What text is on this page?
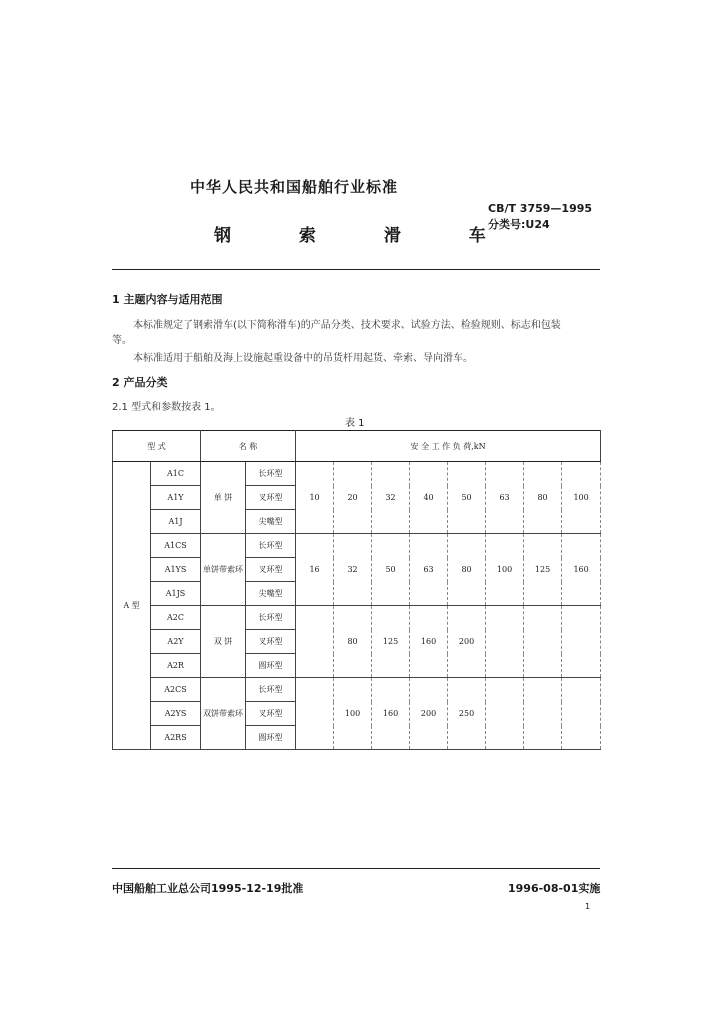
中华人民共和国船舶行业标准
CB/T 3759—1995
分类号:U24
钢 索 滑 车
1 主题内容与适用范围
本标准规定了钢索滑车(以下简称滑车)的产品分类、技术要求、试验方法、检验规则、标志和包装
等。
本标准适用于船舶及海上设施起重设备中的吊货杆用起货、牵索、导向滑车。
2 产品分类
2.1 型式和参数按表 1。
表 1
型 式		名 称		安 全 工 作 负 荷,kN							
A 型	A1C	单 饼	长环型	10	20	32	40	50	63	80	100
	A1Y		叉环型								
	A1J		尖嘴型								
	A1CS	单饼带索环	长环型	16	32	50	63	80	100	125	160
	A1YS		叉环型								
	A1JS		尖嘴型								
	A2C	双 饼	长环型		80	125	160	200			
	A2Y		叉环型								
	A2R		圆环型								
	A2CS	双饼带索环	长环型		100	160	200	250			
	A2YS		叉环型								
	A2RS		圆环型								
中国船舶工业总公司1995-12-19批准	1996-08-01实施
1
